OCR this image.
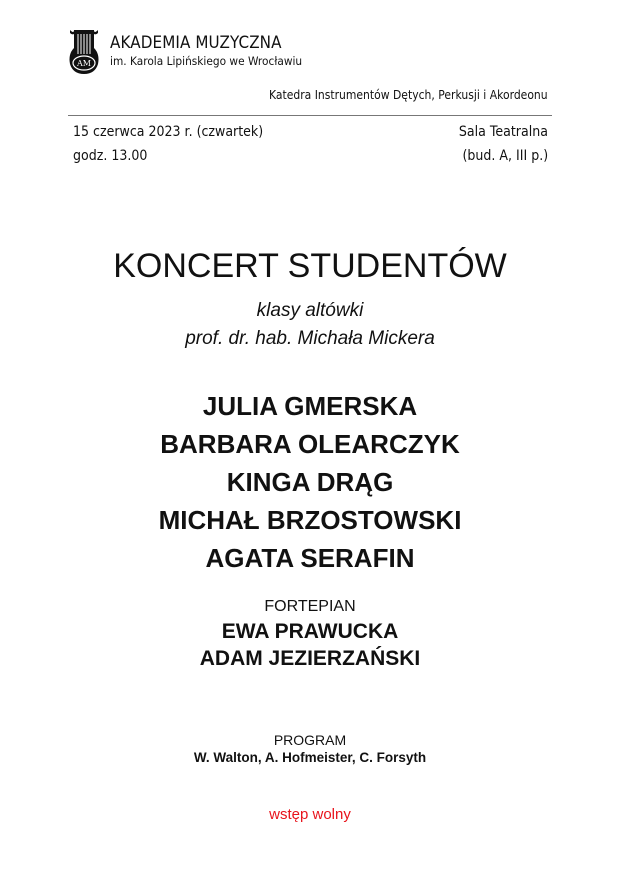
AM
AKADEMIA MUZYCZNA
im. Karola Lipińskiego we Wrocławiu
Katedra Instrumentów Dętych, Perkusji i Akordeonu
15 czerwca 2023 r. (czwartek)
godz. 13.00
Sala Teatralna
(bud. A, III p.)
KONCERT STUDENTÓW
klasy altówki
prof. dr. hab. Michała Mickera
JULIA GMERSKA
BARBARA OLEARCZYK
KINGA DRĄG
MICHAŁ BRZOSTOWSKI
AGATA SERAFIN
FORTEPIAN
EWA PRAWUCKA
ADAM JEZIERZAŃSKI
PROGRAM
W. Walton, A. Hofmeister, C. Forsyth
wstęp wolny
